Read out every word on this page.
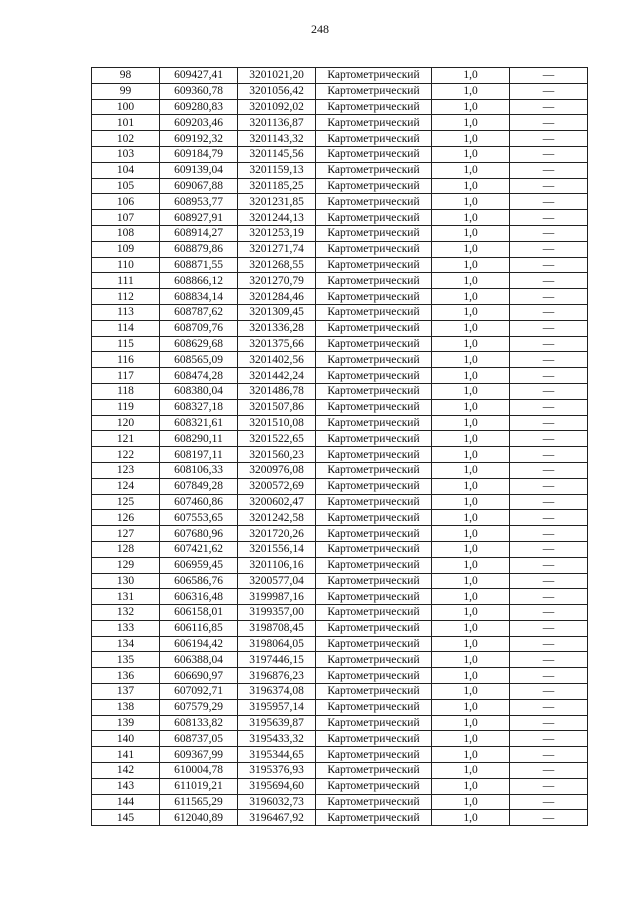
248
98	609427,41	3201021,20	Картометрический	1,0	—
99	609360,78	3201056,42	Картометрический	1,0	—
100	609280,83	3201092,02	Картометрический	1,0	—
101	609203,46	3201136,87	Картометрический	1,0	—
102	609192,32	3201143,32	Картометрический	1,0	—
103	609184,79	3201145,56	Картометрический	1,0	—
104	609139,04	3201159,13	Картометрический	1,0	—
105	609067,88	3201185,25	Картометрический	1,0	—
106	608953,77	3201231,85	Картометрический	1,0	—
107	608927,91	3201244,13	Картометрический	1,0	—
108	608914,27	3201253,19	Картометрический	1,0	—
109	608879,86	3201271,74	Картометрический	1,0	—
110	608871,55	3201268,55	Картометрический	1,0	—
111	608866,12	3201270,79	Картометрический	1,0	—
112	608834,14	3201284,46	Картометрический	1,0	—
113	608787,62	3201309,45	Картометрический	1,0	—
114	608709,76	3201336,28	Картометрический	1,0	—
115	608629,68	3201375,66	Картометрический	1,0	—
116	608565,09	3201402,56	Картометрический	1,0	—
117	608474,28	3201442,24	Картометрический	1,0	—
118	608380,04	3201486,78	Картометрический	1,0	—
119	608327,18	3201507,86	Картометрический	1,0	—
120	608321,61	3201510,08	Картометрический	1,0	—
121	608290,11	3201522,65	Картометрический	1,0	—
122	608197,11	3201560,23	Картометрический	1,0	—
123	608106,33	3200976,08	Картометрический	1,0	—
124	607849,28	3200572,69	Картометрический	1,0	—
125	607460,86	3200602,47	Картометрический	1,0	—
126	607553,65	3201242,58	Картометрический	1,0	—
127	607680,96	3201720,26	Картометрический	1,0	—
128	607421,62	3201556,14	Картометрический	1,0	—
129	606959,45	3201106,16	Картометрический	1,0	—
130	606586,76	3200577,04	Картометрический	1,0	—
131	606316,48	3199987,16	Картометрический	1,0	—
132	606158,01	3199357,00	Картометрический	1,0	—
133	606116,85	3198708,45	Картометрический	1,0	—
134	606194,42	3198064,05	Картометрический	1,0	—
135	606388,04	3197446,15	Картометрический	1,0	—
136	606690,97	3196876,23	Картометрический	1,0	—
137	607092,71	3196374,08	Картометрический	1,0	—
138	607579,29	3195957,14	Картометрический	1,0	—
139	608133,82	3195639,87	Картометрический	1,0	—
140	608737,05	3195433,32	Картометрический	1,0	—
141	609367,99	3195344,65	Картометрический	1,0	—
142	610004,78	3195376,93	Картометрический	1,0	—
143	611019,21	3195694,60	Картометрический	1,0	—
144	611565,29	3196032,73	Картометрический	1,0	—
145	612040,89	3196467,92	Картометрический	1,0	—
